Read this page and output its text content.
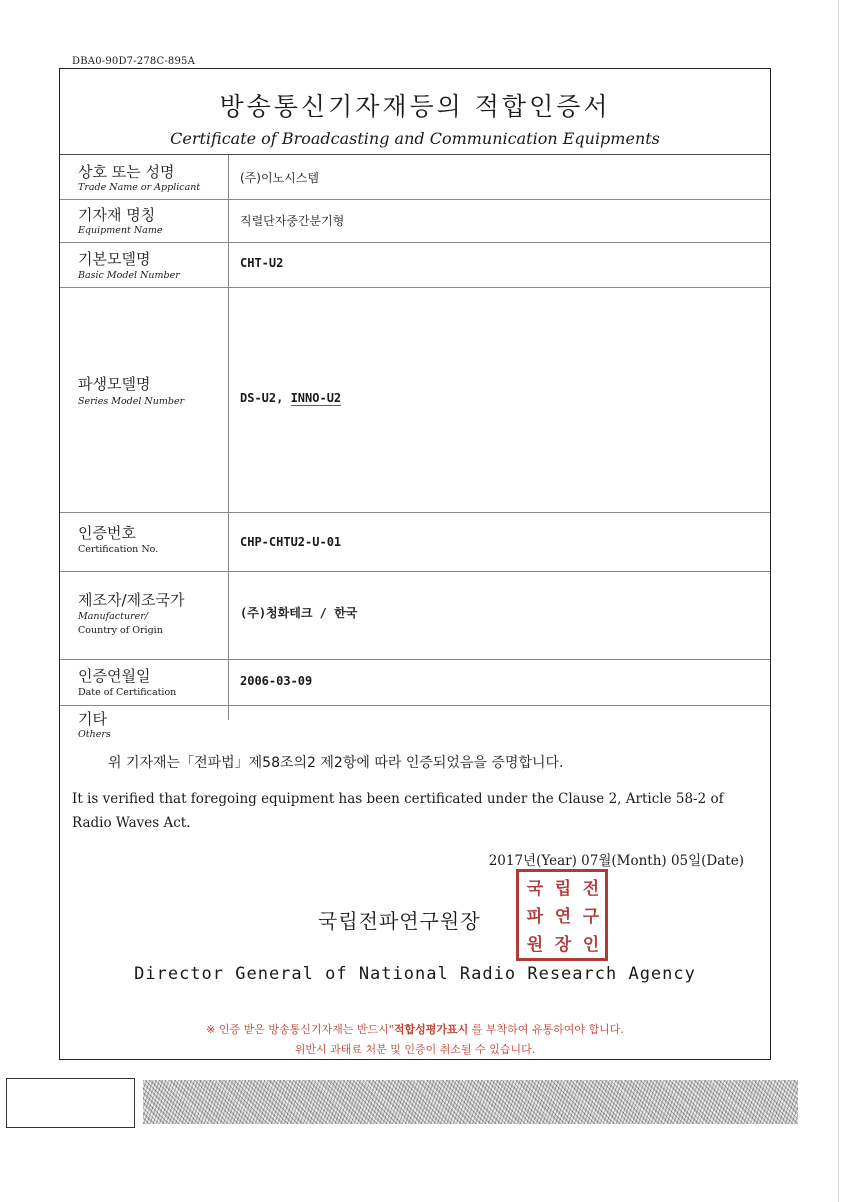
DBA0-90D7-278C-895A
방송통신기자재등의 적합인증서
Certificate of Broadcasting and Communication Equipments
상호 또는 성명
Trade Name or Applicant
(주)이노시스템
기자재 명칭
Equipment Name
직렬단자중간분기형
기본모델명
Basic Model Number
CHT-U2
파생모델명
Series Model Number	DS-U2, INNO-U2
인증번호
Certification No.
CHP-CHTU2-U-01
제조자/제조국가
Manufacturer/
Country of Origin
(주)청화테크 / 한국
인증연월일
Date of Certification
2006-03-09
기타
Others
위 기자재는「전파법」제58조의2 제2항에 따라 인증되었음을 증명합니다.
It is verified that foregoing equipment has been certificated under the Clause 2, Article 58-2 of Radio Waves Act.
2017년(Year) 07월(Month) 05일(Date)
국립전파연구원장
국 립 전
파 연 구
원 장 인
Director General of National Radio Research Agency
※ 인증 받은 방송통신기자재는 반드시"적합성평가표시 를 부착하여 유통하여야 합니다.
위반시 과태료 처분 및 인증이 취소될 수 있습니다.
